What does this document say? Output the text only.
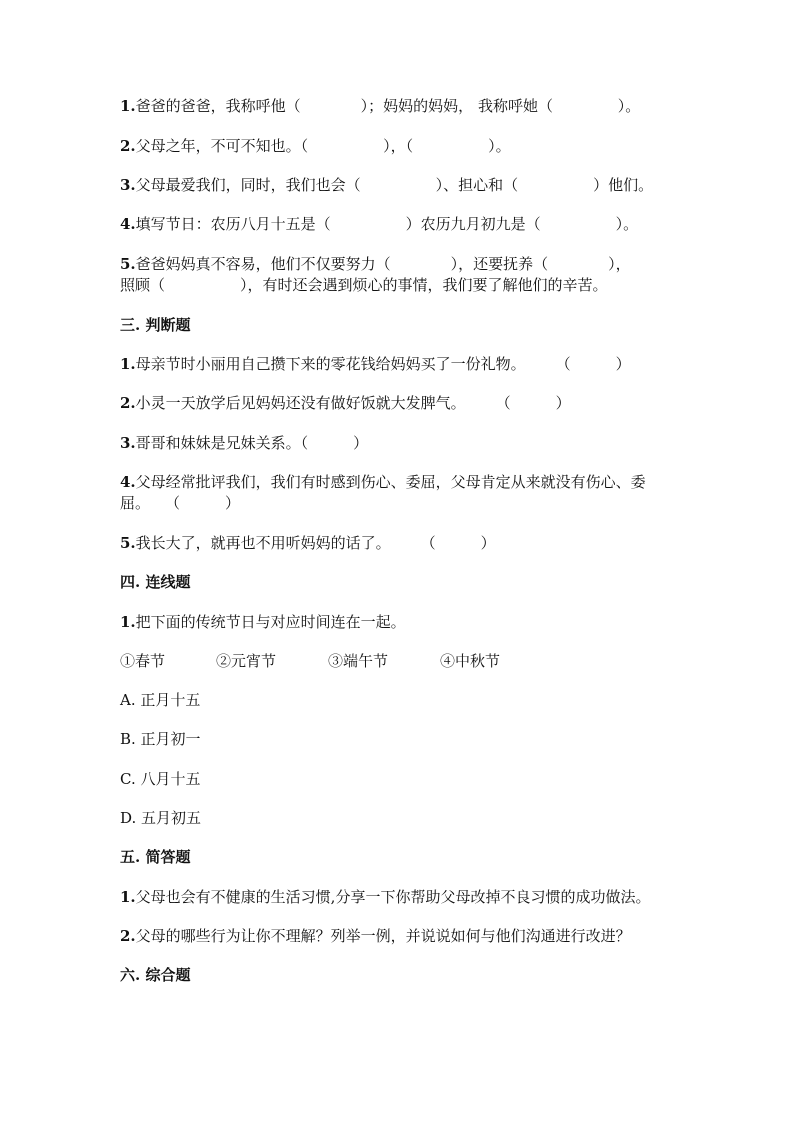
1.爸爸的爸爸，我称呼他（　　　　）；妈妈的妈妈， 我称呼她（　　　　 ）。
2.父母之年，不可不知也。（　　　　　），（　　　　　）。
3.父母最爱我们，同时，我们也会（　　　　　）、担心和（　　　　　）他们。
4.填写节日：农历八月十五是（　　　　　）农历九月初九是（　　　　　）。
5.爸爸妈妈真不容易，他们不仅要努力（　　　　），还要抚养（　　　　），
照顾（　　　　　），有时还会遇到烦心的事情，我们要了解他们的辛苦。
三. 判断题
1.母亲节时小丽用自己攒下来的零花钱给妈妈买了一份礼物。　　　（　　　）
2.小灵一天放学后见妈妈还没有做好饭就大发脾气。　　　（　　　）
3.哥哥和妹妹是兄妹关系。（　　　）
4.父母经常批评我们，我们有时感到伤心、委屈，父母肯定从来就没有伤心、委
屈。　　（　　　）
5.我长大了，就再也不用听妈妈的话了。　　　（　　　）
四. 连线题
1.把下面的传统节日与对应时间连在一起。
①春节	②元宵节	③端午节	④中秋节
A. 正月十五
B. 正月初一
C. 八月十五
D. 五月初五
五. 简答题
1.父母也会有不健康的生活习惯,分享一下你帮助父母改掉不良习惯的成功做法。
2.父母的哪些行为让你不理解？列举一例，并说说如何与他们沟通进行改进？
六. 综合题
